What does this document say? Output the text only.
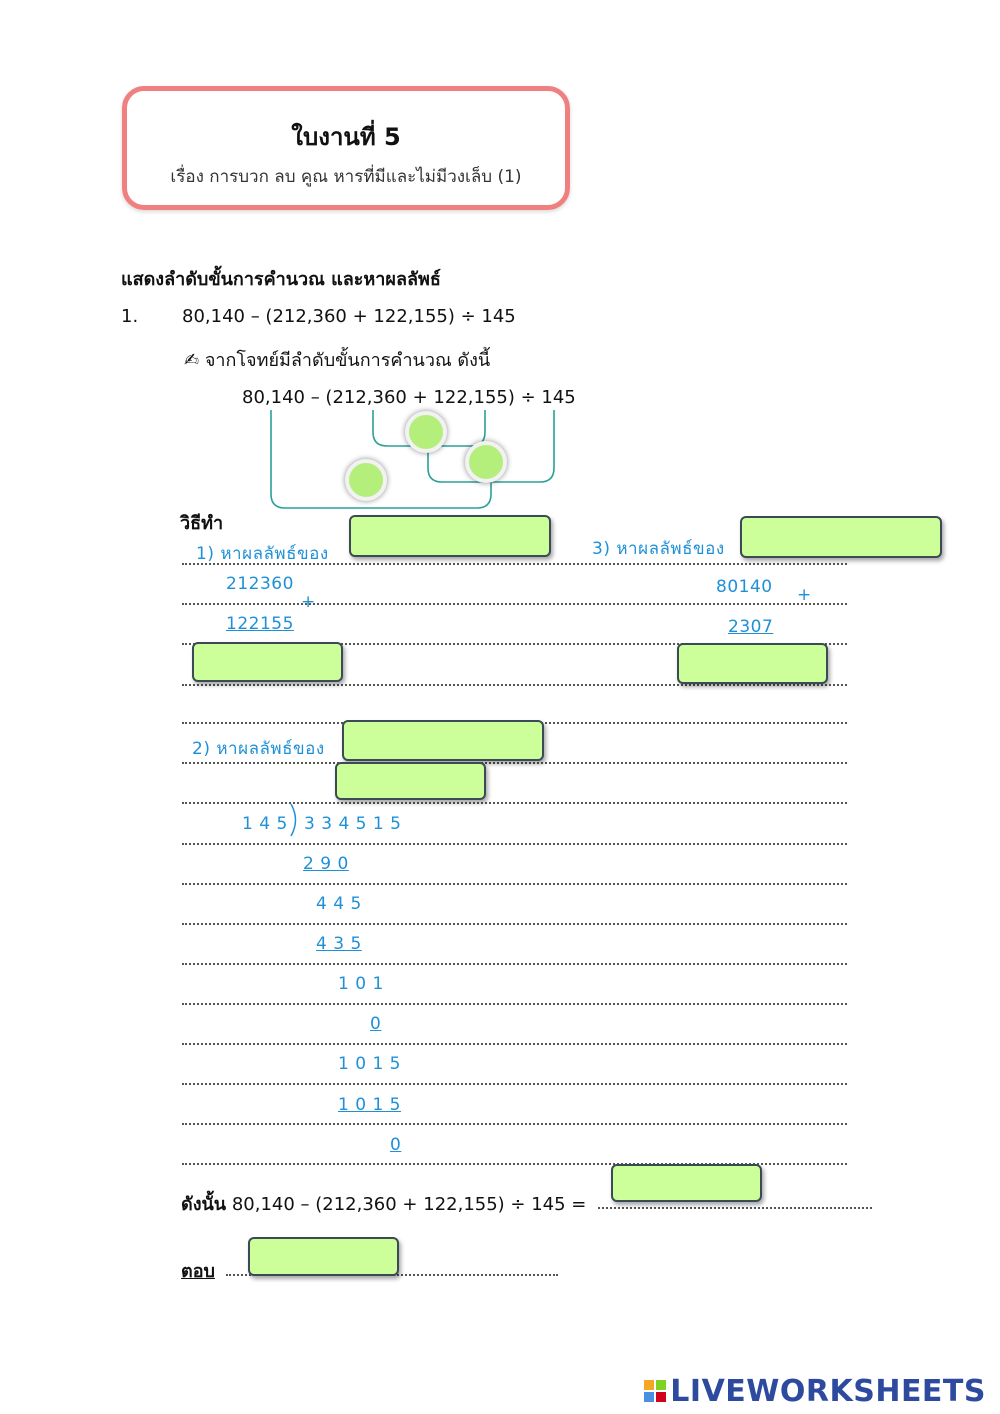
ใบงานที่ 5
เรื่อง การบวก ลบ คูณ หารที่มีและไม่มีวงเล็บ (1)
แสดงลำดับขั้นการคำนวณ และหาผลลัพธ์
1. 80,140 – (212,360 + 122,155) ÷ 145
✍ จากโจทย์มีลำดับขั้นการคำนวณ ดังนี้
80,140 – (212,360 + 122,155) ÷ 145
วิธีทำ
1) หาผลลัพธ์ของ
212360
+
122155
3) หาผลลัพธ์ของ
80140 +
2307
2) หาผลลัพธ์ของ
1 4 5 3 3 4 5 1 5
2 9 0
4 4 5
4 3 5
1 0 1
0
1 0 1 5
1 0 1 5
0
ดังนั้น 80,140 – (212,360 + 122,155) ÷ 145 =
ตอบ
LIVEWORKSHEETS
